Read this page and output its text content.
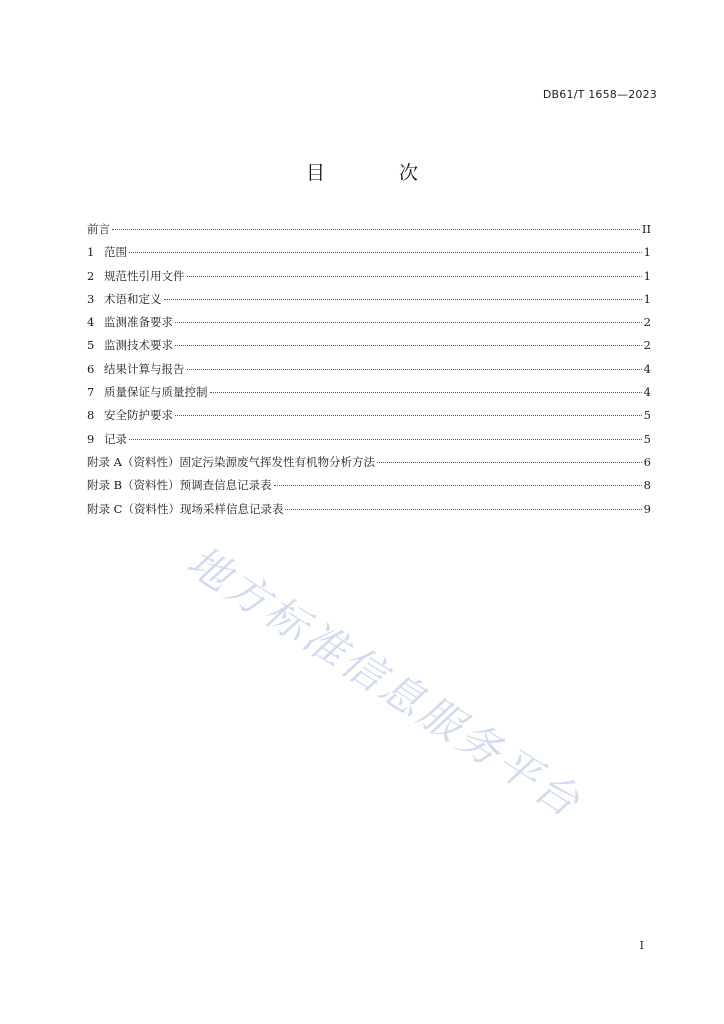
DB61/T 1658—2023
目 次
前言	II
1 范围	1
2 规范性引用文件	1
3 术语和定义	1
4 监测准备要求	2
5 监测技术要求	2
6 结果计算与报告	4
7 质量保证与质量控制	4
8 安全防护要求	5
9 记录	5
附录 A（资料性）固定污染源废气挥发性有机物分析方法	6
附录 B（资料性）预调查信息记录表	8
附录 C（资料性）现场采样信息记录表	9
地方标准信息服务平台
I
